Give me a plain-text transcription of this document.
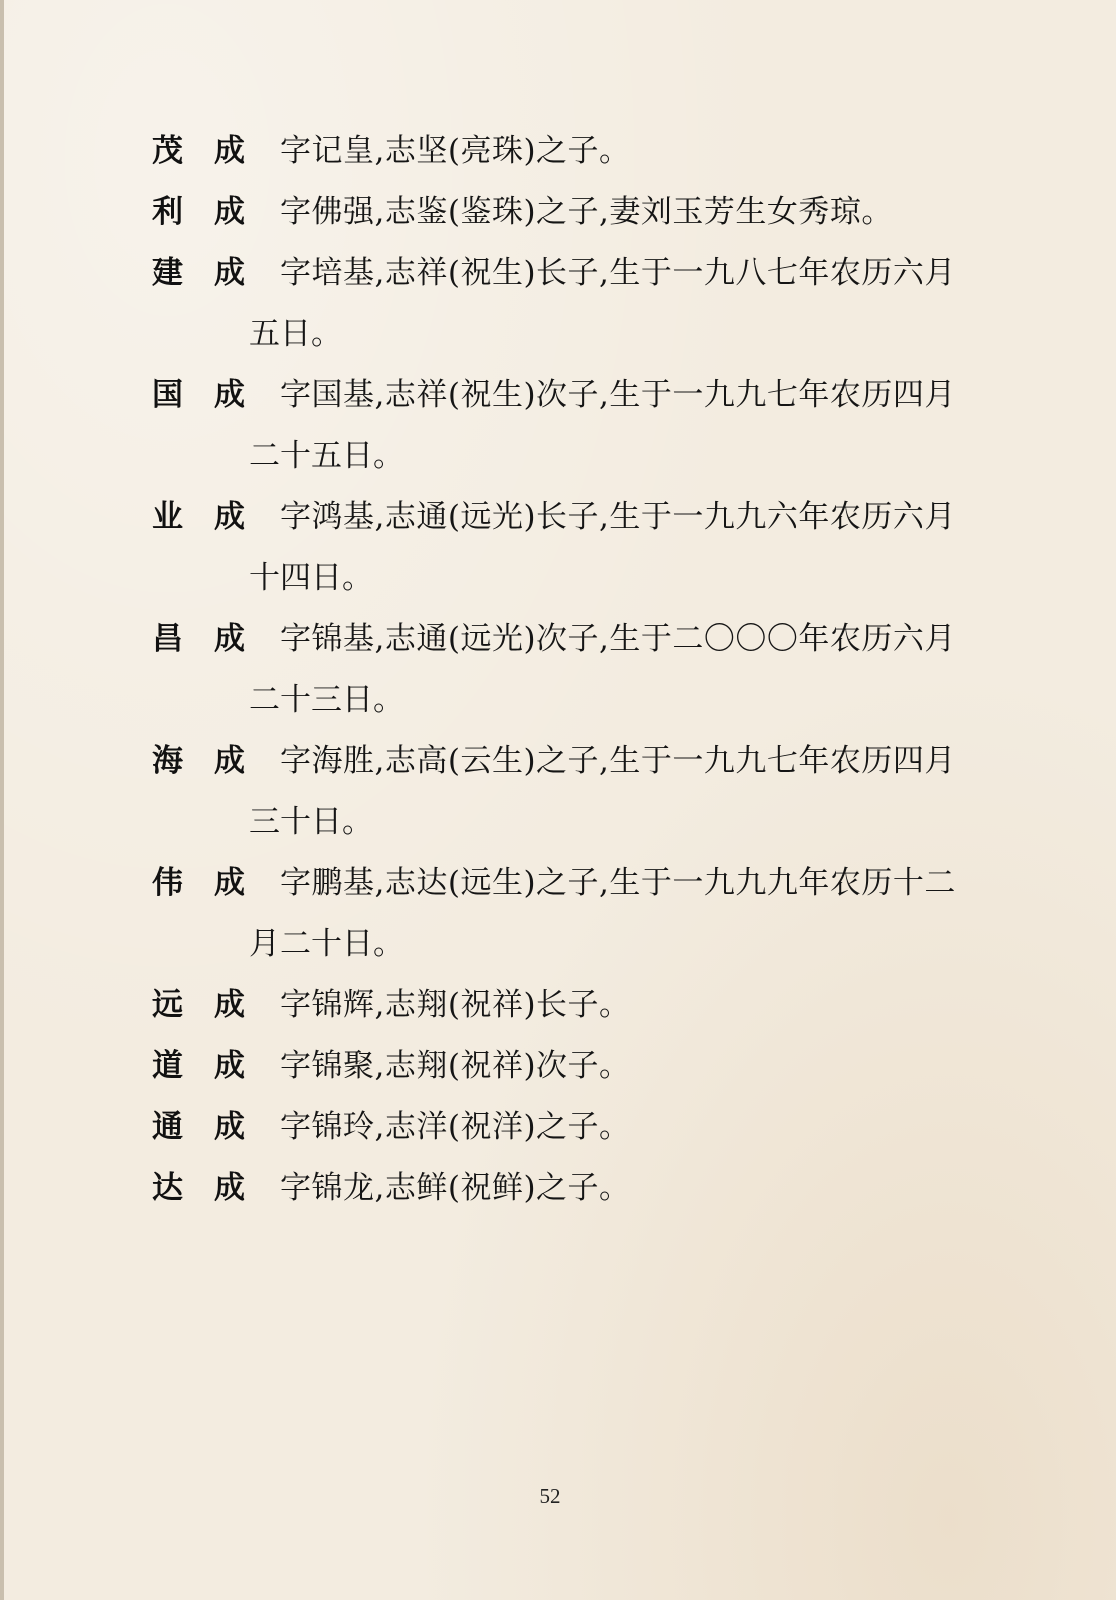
茂　成 字记皇,志坚(亮珠)之子。
利　成 字佛强,志鉴(鉴珠)之子,妻刘玉芳生女秀琼。
建　成 字培基,志祥(祝生)长子,生于一九八七年农历六月
五日。
国　成 字国基,志祥(祝生)次子,生于一九九七年农历四月
二十五日。
业　成 字鸿基,志通(远光)长子,生于一九九六年农历六月
十四日。
昌　成 字锦基,志通(远光)次子,生于二〇〇〇年农历六月
二十三日。
海　成 字海胜,志高(云生)之子,生于一九九七年农历四月
三十日。
伟　成 字鹏基,志达(远生)之子,生于一九九九年农历十二
月二十日。
远　成 字锦辉,志翔(祝祥)长子。
道　成 字锦聚,志翔(祝祥)次子。
通　成 字锦玲,志洋(祝洋)之子。
达　成 字锦龙,志鲜(祝鲜)之子。
52
